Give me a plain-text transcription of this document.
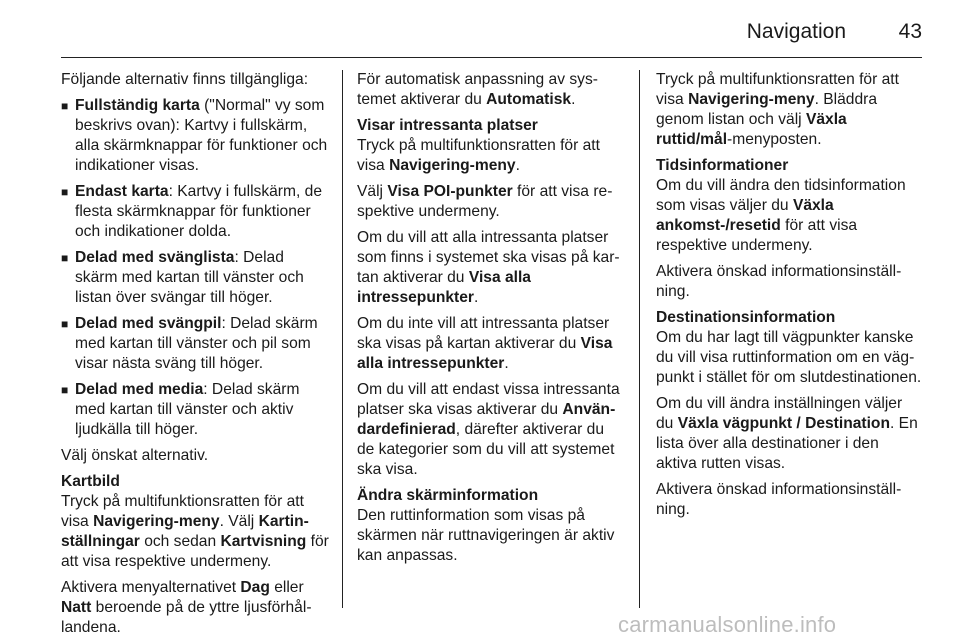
Navigation	43

Följande alternativ finns tillgängliga:

■ Fullständig karta ("Normal" vy som beskrivs ovan): Kartvy i fullskärm, alla skärmknappar för funktioner och indikationer visas.
■ Endast karta: Kartvy i fullskärm, de flesta skärmknappar för funktioner och indikationer dolda.
■ Delad med svänglista: Delad skärm med kartan till vänster och listan över svängar till höger.
■ Delad med svängpil: Delad skärm med kartan till vänster och pil som visar nästa sväng till höger.
■ Delad med media: Delad skärm med kartan till vänster och aktiv ljudkälla till höger.

Välj önskat alternativ.

Kartbild

Tryck på multifunktionsratten för att visa Navigering-meny. Välj Kartinställningar och sedan Kartvisning för att visa respektive undermeny.

Aktivera menyalternativet Dag eller Natt beroende på de yttre ljusförhållandena.

För automatisk anpassning av systemet aktiverar du Automatisk.

Visar intressanta platser

Tryck på multifunktionsratten för att visa Navigering-meny.

Välj Visa POI-punkter för att visa respektive undermeny.

Om du vill att alla intressanta platser som finns i systemet ska visas på kartan aktiverar du Visa alla intressepunkter.

Om du inte vill att intressanta platser ska visas på kartan aktiverar du Visa alla intressepunkter.

Om du vill att endast vissa intressanta platser ska visas aktiverar du Användardefinierad, därefter aktiverar du de kategorier som du vill att systemet ska visa.

Ändra skärminformation

Den ruttinformation som visas på skärmen när ruttnavigeringen är aktiv kan anpassas.

Tryck på multifunktionsratten för att visa Navigering-meny. Bläddra genom listan och välj Växla ruttid/mål-menyposten.

Tidsinformationer

Om du vill ändra den tidsinformation som visas väljer du Växla ankomst-/resetid för att visa respektive undermeny.

Aktivera önskad informationsinställning.

Destinationsinformation

Om du har lagt till vägpunkter kanske du vill visa ruttinformation om en vägpunkt i stället för om slutdestinationen.

Om du vill ändra inställningen väljer du Växla vägpunkt / Destination. En lista över alla destinationer i den aktiva rutten visas.

Aktivera önskad informationsinställning.

carmanualsonline.info
